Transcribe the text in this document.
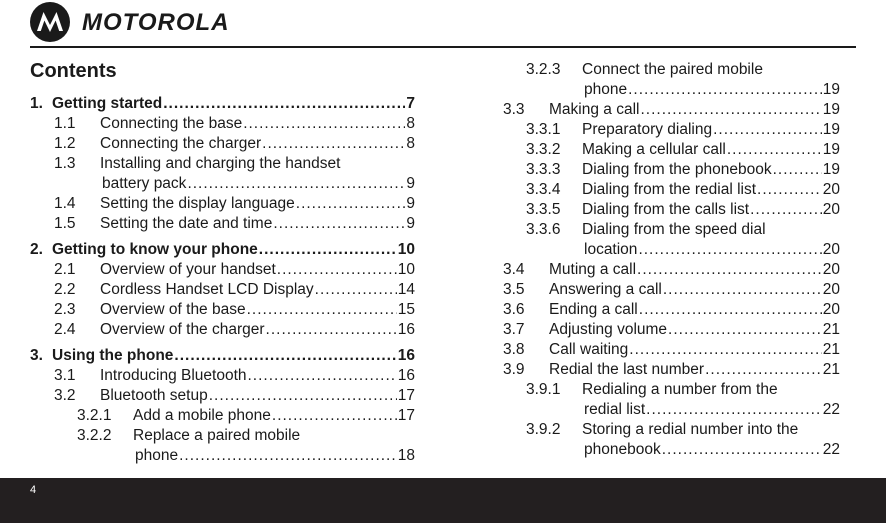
MOTOROLA
Contents
1. Getting started .....	7
1.1 Connecting the base .....	8
1.2 Connecting the charger .....	8
1.3 Installing and charging the handset
battery pack .....	9
1.4 Setting the display language .....	9
1.5 Setting the date and time .....	9
2. Getting to know your phone .....	10
2.1 Overview of your handset .....	10
2.2 Cordless Handset LCD Display .....	14
2.3 Overview of the base .....	15
2.4 Overview of the charger .....	16
3. Using the phone .....	16
3.1 Introducing Bluetooth .....	16
3.2 Bluetooth setup .....	17
3.2.1 Add a mobile phone .....	17
3.2.2 Replace a paired mobile
phone .....	18
3.2.3 Connect the paired mobile
phone .....	19
3.3 Making a call .....	19
3.3.1 Preparatory dialing .....	19
3.3.2 Making a cellular call .....	19
3.3.3 Dialing from the phonebook .....	19
3.3.4 Dialing from the redial list .....	20
3.3.5 Dialing from the calls list .....	20
3.3.6 Dialing from the speed dial
location .....	20
3.4 Muting a call .....	20
3.5 Answering a call .....	20
3.6 Ending a call .....	20
3.7 Adjusting volume .....	21
3.8 Call waiting .....	21
3.9 Redial the last number .....	21
3.9.1 Redialing a number from the
redial list .....	22
3.9.2 Storing a redial number into the
phonebook .....	22
4
